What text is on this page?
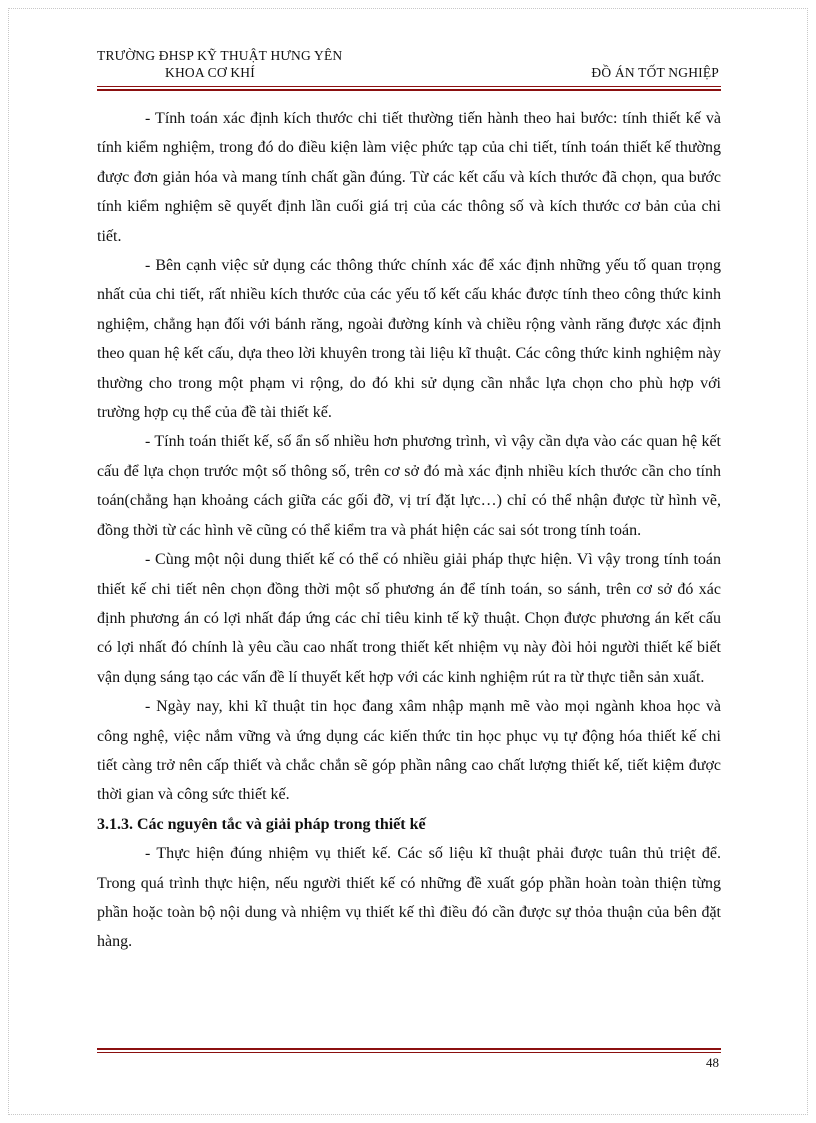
TRƯỜNG ĐHSP KỸ THUẬT HƯNG YÊN
KHOA CƠ KHÍ	ĐỒ ÁN TỐT NGHIỆP

- Tính toán xác định kích thước chi tiết thường tiến hành theo hai bước: tính thiết kế và tính kiểm nghiệm, trong đó do điều kiện làm việc phức tạp của chi tiết, tính toán thiết kế thường được đơn giản hóa và mang tính chất gần đúng. Từ các kết cấu và kích thước đã chọn, qua bước tính kiểm nghiệm sẽ quyết định lần cuối giá trị của các thông số và kích thước cơ bản của chi tiết.

- Bên cạnh việc sử dụng các thông thức chính xác để xác định những yếu tố quan trọng nhất của chi tiết, rất nhiều kích thước của các yếu tố kết cấu khác được tính theo công thức kinh nghiệm, chẳng hạn đối với bánh răng, ngoài đường kính và chiều rộng vành răng được xác định theo quan hệ kết cấu, dựa theo lời khuyên trong tài liệu kĩ thuật. Các công thức kinh nghiệm này thường cho trong một phạm vi rộng, do đó khi sử dụng cần nhắc lựa chọn cho phù hợp với trường hợp cụ thể của đề tài thiết kế.

- Tính toán thiết kế, số ẩn số nhiều hơn phương trình, vì vậy cần dựa vào các quan hệ kết cấu để lựa chọn trước một số thông số, trên cơ sở đó mà xác định nhiều kích thước cần cho tính toán(chẳng hạn khoảng cách giữa các gối đỡ, vị trí đặt lực…) chỉ có thể nhận được từ hình vẽ, đồng thời từ các hình vẽ cũng có thể kiểm tra và phát hiện các sai sót trong tính toán.

- Cùng một nội dung thiết kế có thể có nhiều giải pháp thực hiện. Vì vậy trong tính toán thiết kế chi tiết nên chọn đồng thời một số phương án để tính toán, so sánh, trên cơ sở đó xác định phương án có lợi nhất đáp ứng các chỉ tiêu kinh tế kỹ thuật. Chọn được phương án kết cấu có lợi nhất đó chính là yêu cầu cao nhất trong thiết kết nhiệm vụ này đòi hỏi người thiết kế biết vận dụng sáng tạo các vấn đề lí thuyết kết hợp với các kinh nghiệm rút ra từ thực tiễn sản xuất.

- Ngày nay, khi kĩ thuật tin học đang xâm nhập mạnh mẽ vào mọi ngành khoa học và công nghệ, việc nắm vững và ứng dụng các kiến thức tin học phục vụ tự động hóa thiết kế chi tiết càng trở nên cấp thiết và chắc chắn sẽ góp phần nâng cao chất lượng thiết kế, tiết kiệm được thời gian và công sức thiết kế.

3.1.3. Các nguyên tắc và giải pháp trong thiết kế

- Thực hiện đúng nhiệm vụ thiết kế. Các số liệu kĩ thuật phải được tuân thủ triệt để. Trong quá trình thực hiện, nếu người thiết kế có những đề xuất góp phần hoàn toàn thiện từng phần hoặc toàn bộ nội dung và nhiệm vụ thiết kế thì điều đó cần được sự thỏa thuận của bên đặt hàng.

48
